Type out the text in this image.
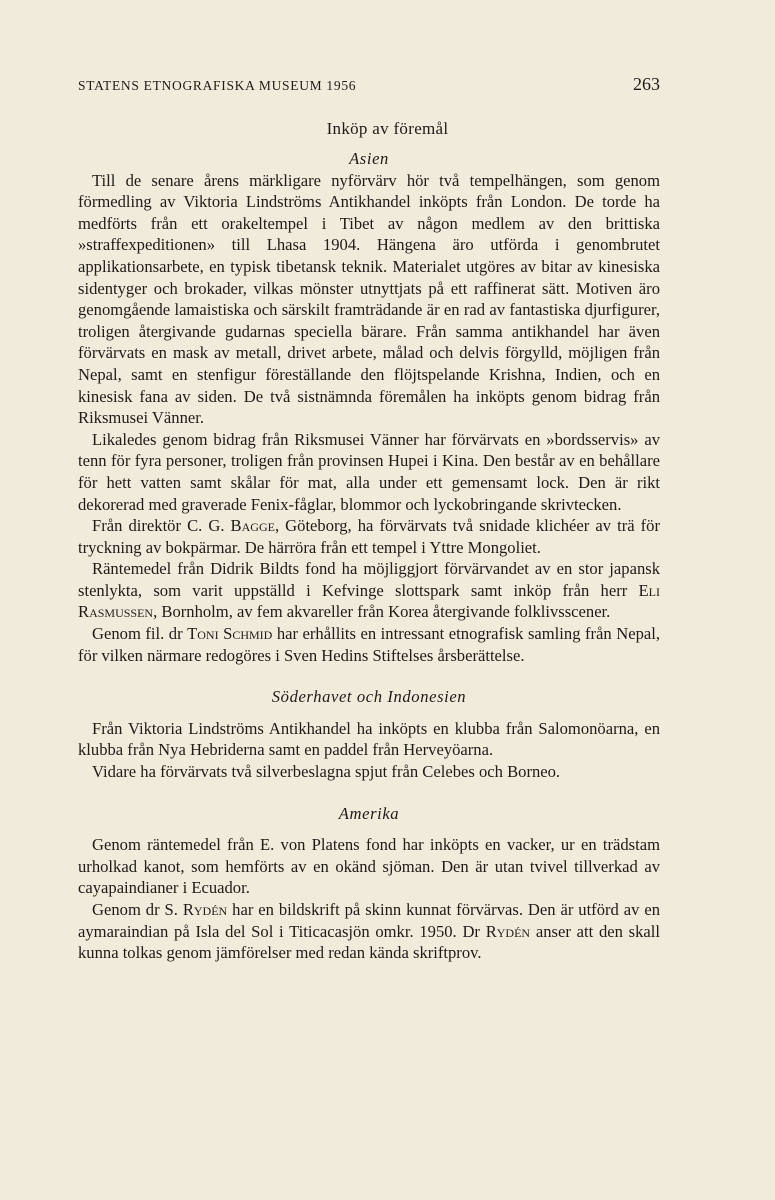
STATENS ETNOGRAFISKA MUSEUM 1956	263
Inköp av föremål
Asien

Till de senare årens märkligare nyförvärv hör två tempelhängen, som genom förmedling av Viktoria Lindströms Antikhandel inköpts från London. De torde ha medförts från ett orakeltempel i Tibet av någon medlem av den brittiska »straffexpeditionen» till Lhasa 1904. Hängena äro utförda i genombrutet applikationsarbete, en typisk tibetansk teknik. Materialet utgöres av bitar av kinesiska sidentyger och brokader, vilkas mönster utnyttjats på ett raffinerat sätt. Motiven äro genomgående lamaistiska och särskilt framträdande är en rad av fantastiska djurfigurer, troligen återgivande gudarnas speciella bärare. Från samma antikhandel har även förvärvats en mask av metall, drivet arbete, målad och delvis förgylld, möjligen från Nepal, samt en stenfigur föreställande den flöjtspelande Krishna, Indien, och en kinesisk fana av siden. De två sistnämnda föremålen ha inköpts genom bidrag från Riksmusei Vänner.

Likaledes genom bidrag från Riksmusei Vänner har förvärvats en »bordsservis» av tenn för fyra personer, troligen från provinsen Hupei i Kina. Den består av en behållare för hett vatten samt skålar för mat, alla under ett gemensamt lock. Den är rikt dekorerad med graverade Fenix-fåglar, blommor och lyckobringande skrivtecken.

Från direktör C. G. Bagge, Göteborg, ha förvärvats två snidade klichéer av trä för tryckning av bokpärmar. De härröra från ett tempel i Yttre Mongoliet.

Räntemedel från Didrik Bildts fond ha möjliggjort förvärvandet av en stor japansk stenlykta, som varit uppställd i Kefvinge slottspark samt inköp från herr Eli Rasmussen, Bornholm, av fem akvareller från Korea återgivande folklivsscener.

Genom fil. dr Toni Schmid har erhållits en intressant etnografisk samling från Nepal, för vilken närmare redogöres i Sven Hedins Stiftelses årsberättelse.

Söderhavet och Indonesien

Från Viktoria Lindströms Antikhandel ha inköpts en klubba från Salomonöarna, en klubba från Nya Hebriderna samt en paddel från Herveyöarna.

Vidare ha förvärvats två silverbeslagna spjut från Celebes och Borneo.

Amerika

Genom räntemedel från E. von Platens fond har inköpts en vacker, ur en trädstam urholkad kanot, som hemförts av en okänd sjöman. Den är utan tvivel tillverkad av cayapaindianer i Ecuador.

Genom dr S. Rydén har en bildskrift på skinn kunnat förvärvas. Den är utförd av en aymaraindian på Isla del Sol i Titicacasjön omkr. 1950. Dr Rydén anser att den skall kunna tolkas genom jämförelser med redan kända skriftprov.
